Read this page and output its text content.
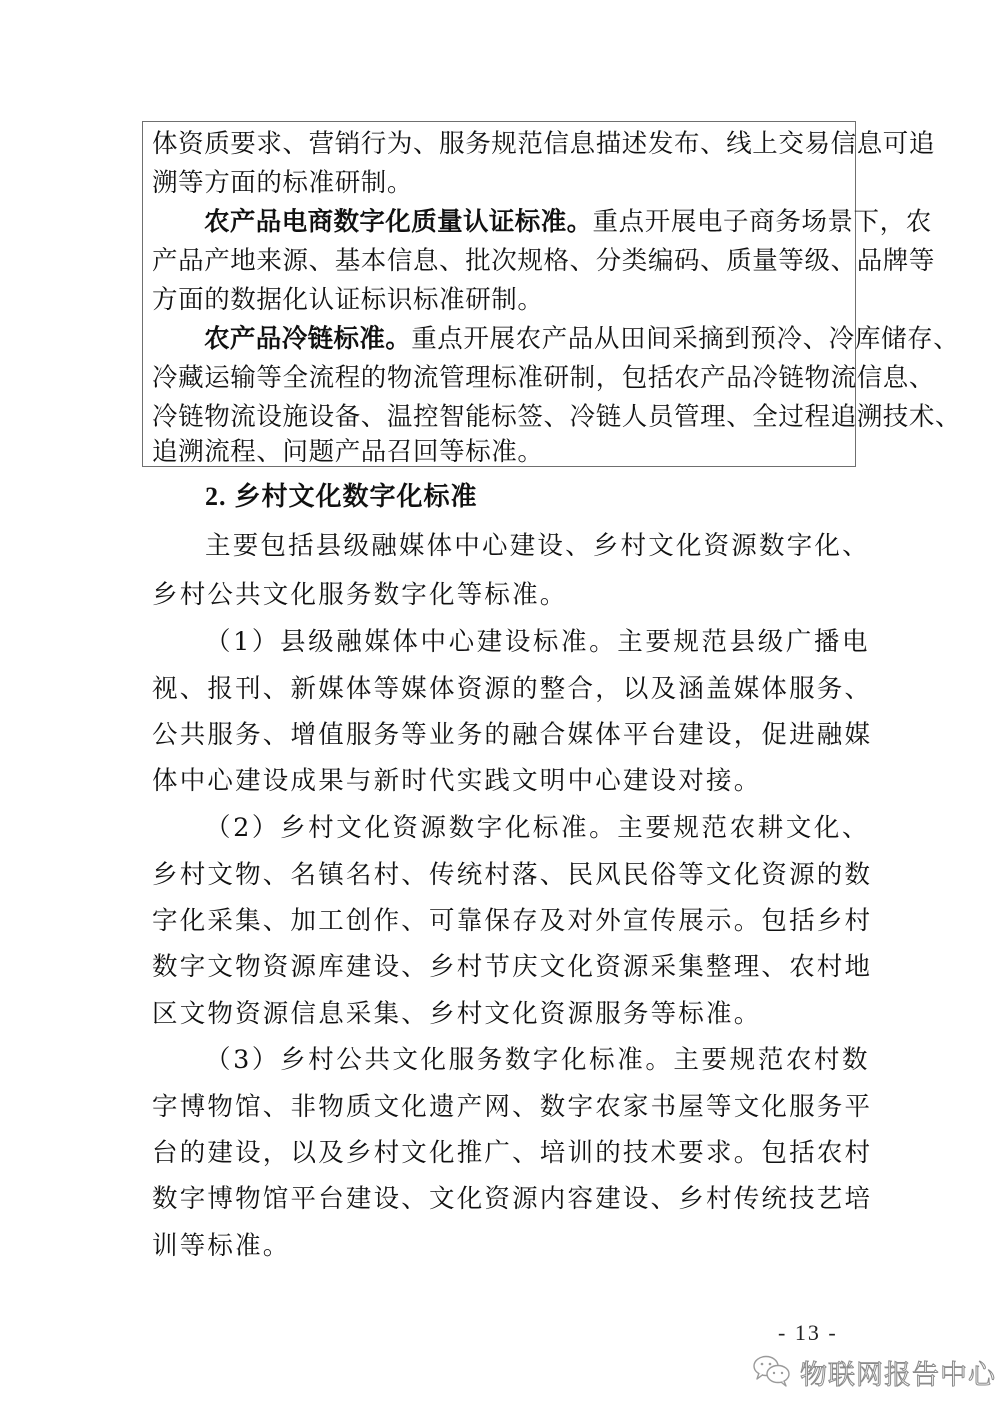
体资质要求、营销行为、服务规范信息描述发布、线上交易信息可追
溯等方面的标准研制。
农产品电商数字化质量认证标准。重点开展电子商务场景下，农
产品产地来源、基本信息、批次规格、分类编码、质量等级、品牌等
方面的数据化认证标识标准研制。
农产品冷链标准。重点开展农产品从田间采摘到预冷、冷库储存、
冷藏运输等全流程的物流管理标准研制，包括农产品冷链物流信息、
冷链物流设施设备、温控智能标签、冷链人员管理、全过程追溯技术、
追溯流程、问题产品召回等标准。
2. 乡村文化数字化标准
主要包括县级融媒体中心建设、乡村文化资源数字化、
乡村公共文化服务数字化等标准。
（1）县级融媒体中心建设标准。主要规范县级广播电
视、报刊、新媒体等媒体资源的整合，以及涵盖媒体服务、
公共服务、增值服务等业务的融合媒体平台建设，促进融媒
体中心建设成果与新时代实践文明中心建设对接。
（2）乡村文化资源数字化标准。主要规范农耕文化、
乡村文物、名镇名村、传统村落、民风民俗等文化资源的数
字化采集、加工创作、可靠保存及对外宣传展示。包括乡村
数字文物资源库建设、乡村节庆文化资源采集整理、农村地
区文物资源信息采集、乡村文化资源服务等标准。
（3）乡村公共文化服务数字化标准。主要规范农村数
字博物馆、非物质文化遗产网、数字农家书屋等文化服务平
台的建设，以及乡村文化推广、培训的技术要求。包括农村
数字博物馆平台建设、文化资源内容建设、乡村传统技艺培
训等标准。
- 13 -
物联网报告中心
